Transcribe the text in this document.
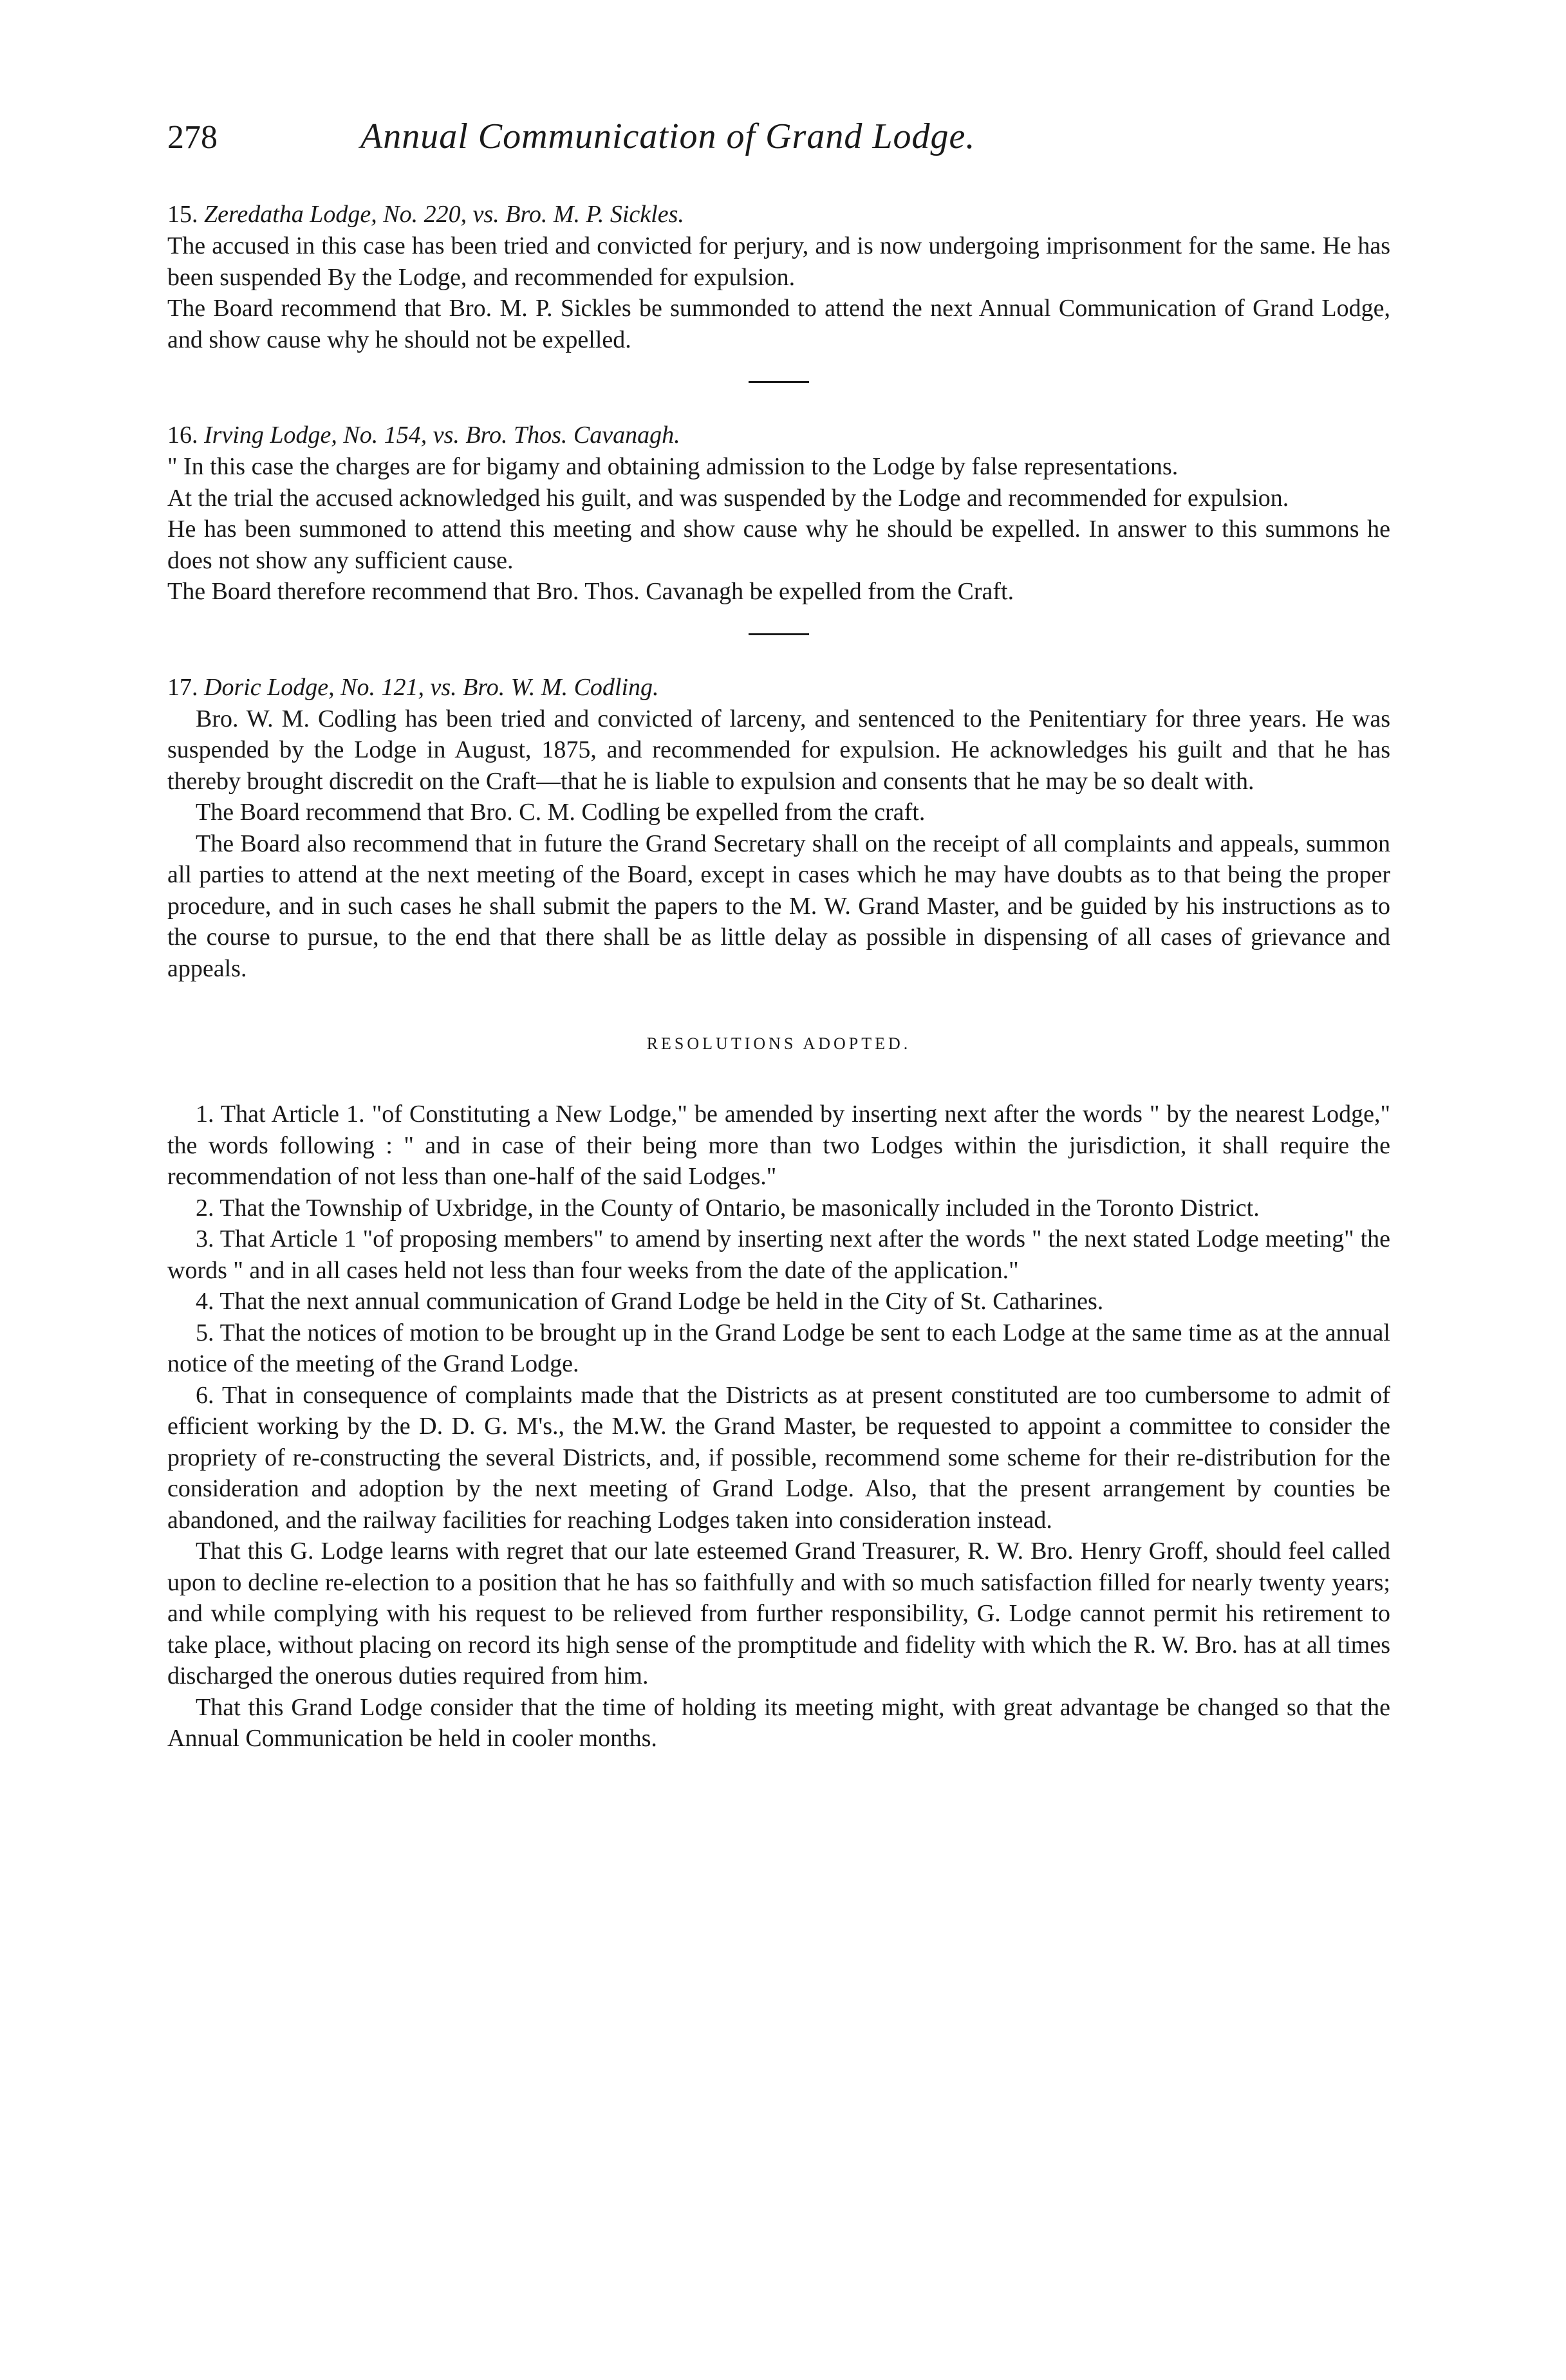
278	Annual Communication of Grand Lodge.

15. Zeredatha Lodge, No. 220, vs. Bro. M. P. Sickles.

The accused in this case has been tried and convicted for perjury, and is now undergoing imprisonment for the same. He has been suspended By the Lodge, and recommended for expulsion.

The Board recommend that Bro. M. P. Sickles be summonded to attend the next Annual Communication of Grand Lodge, and show cause why he should not be expelled.

16. Irving Lodge, No. 154, vs. Bro. Thos. Cavanagh.

" In this case the charges are for bigamy and obtaining admission to the Lodge by false representations.

At the trial the accused acknowledged his guilt, and was suspended by the Lodge and recommended for expulsion.

He has been summoned to attend this meeting and show cause why he should be expelled. In answer to this summons he does not show any sufficient cause.

The Board therefore recommend that Bro. Thos. Cavanagh be expelled from the Craft.

17. Doric Lodge, No. 121, vs. Bro. W. M. Codling.

Bro. W. M. Codling has been tried and convicted of larceny, and sentenced to the Penitentiary for three years. He was suspended by the Lodge in August, 1875, and recommended for expulsion. He acknowledges his guilt and that he has thereby brought discredit on the Craft—that he is liable to expulsion and consents that he may be so dealt with.

The Board recommend that Bro. C. M. Codling be expelled from the craft.

The Board also recommend that in future the Grand Secretary shall on the receipt of all complaints and appeals, summon all parties to attend at the next meeting of the Board, except in cases which he may have doubts as to that being the proper procedure, and in such cases he shall submit the papers to the M. W. Grand Master, and be guided by his instructions as to the course to pursue, to the end that there shall be as little delay as possible in dispensing of all cases of grievance and appeals.

RESOLUTIONS ADOPTED.

1. That Article 1. "of Constituting a New Lodge," be amended by inserting next after the words " by the nearest Lodge," the words following : " and in case of their being more than two Lodges within the jurisdiction, it shall require the recommendation of not less than one-half of the said Lodges."

2. That the Township of Uxbridge, in the County of Ontario, be masonically included in the Toronto District.

3. That Article 1 "of proposing members" to amend by inserting next after the words " the next stated Lodge meeting" the words " and in all cases held not less than four weeks from the date of the application."

4. That the next annual communication of Grand Lodge be held in the City of St. Catharines.

5. That the notices of motion to be brought up in the Grand Lodge be sent to each Lodge at the same time as at the annual notice of the meeting of the Grand Lodge.

6. That in consequence of complaints made that the Districts as at present constituted are too cumbersome to admit of efficient working by the D. D. G. M's., the M.W. the Grand Master, be requested to appoint a committee to consider the propriety of re-constructing the several Districts, and, if possible, recommend some scheme for their re-distribution for the consideration and adoption by the next meeting of Grand Lodge. Also, that the present arrangement by counties be abandoned, and the railway facilities for reaching Lodges taken into consideration instead.

That this G. Lodge learns with regret that our late esteemed Grand Treasurer, R. W. Bro. Henry Groff, should feel called upon to decline re-election to a position that he has so faithfully and with so much satisfaction filled for nearly twenty years; and while complying with his request to be relieved from further responsibility, G. Lodge cannot permit his retirement to take place, without placing on record its high sense of the promptitude and fidelity with which the R. W. Bro. has at all times discharged the onerous duties required from him.

That this Grand Lodge consider that the time of holding its meeting might, with great advantage be changed so that the Annual Communication be held in cooler months.
